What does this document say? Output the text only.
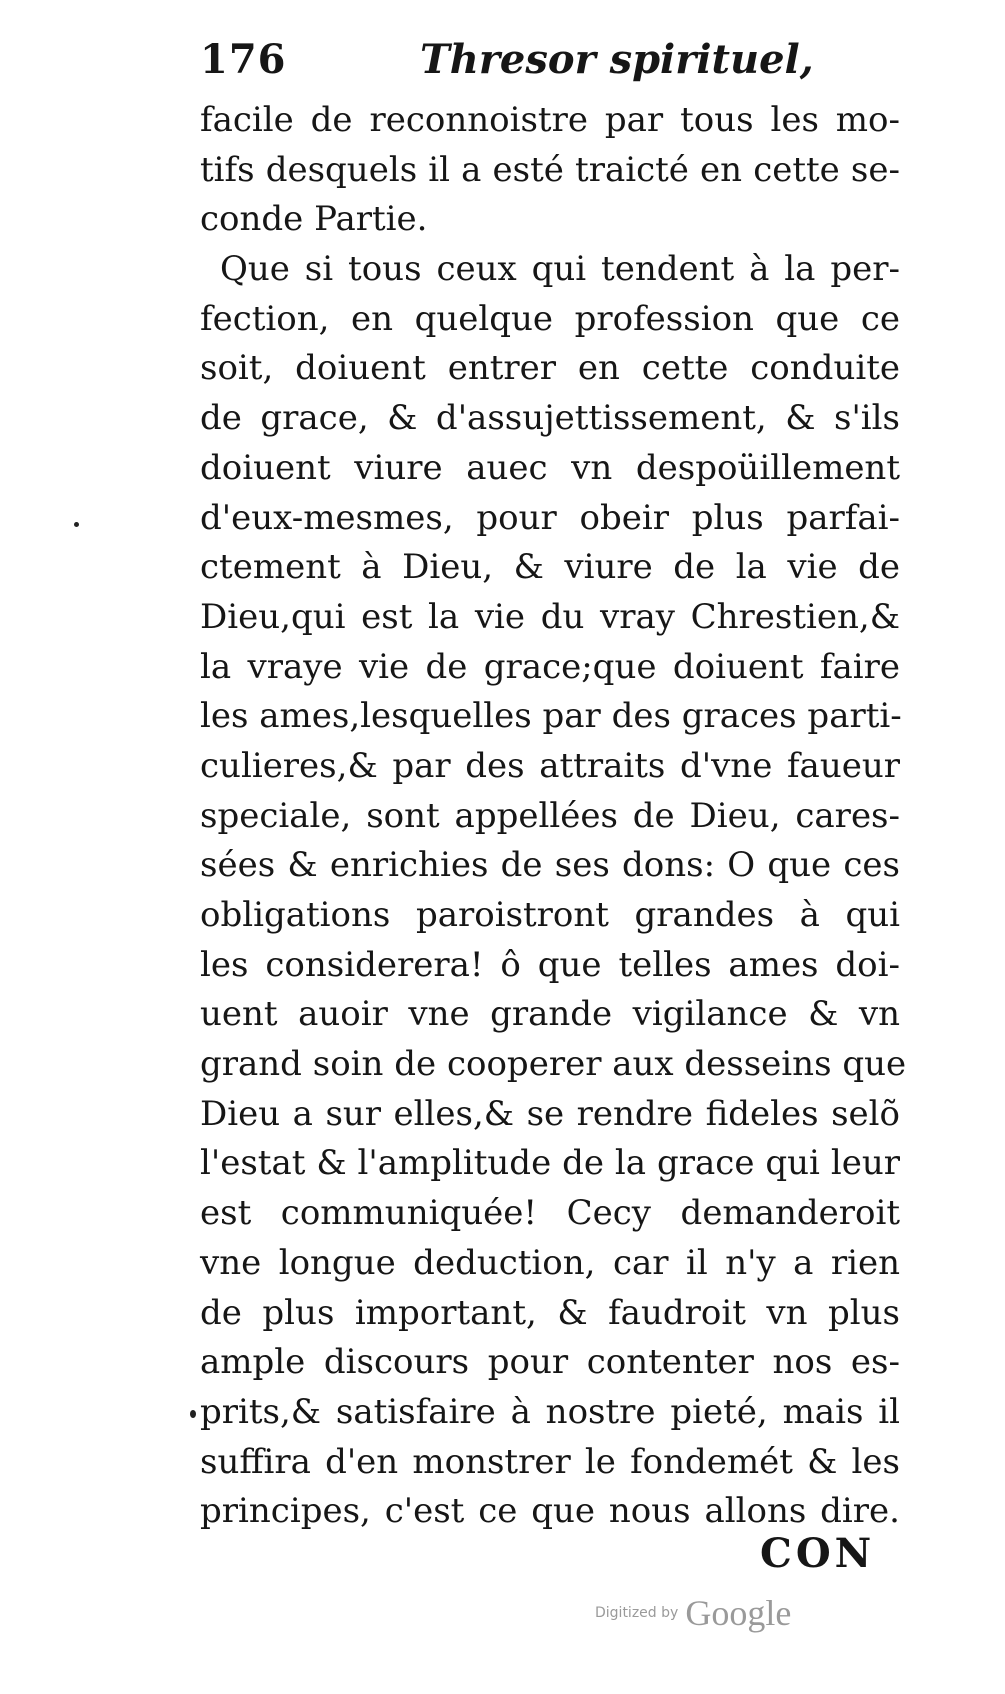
176	Thresor spirituel,
facile de reconnoistre par tous les mo-
tifs desquels il a esté traicté en cette se-
conde Partie.
Que si tous ceux qui tendent à la per-
fection, en quelque profession que ce
soit, doiuent entrer en cette conduite
de grace, & d'assujettissement, & s'ils
doiuent viure auec vn despoüillement
d'eux-mesmes, pour obeir plus parfai-
ctement à Dieu, & viure de la vie de
Dieu,qui est la vie du vray Chrestien,&
la vraye vie de grace;que doiuent faire
les ames,lesquelles par des graces parti-
culieres,& par des attraits d'vne faueur
speciale, sont appellées de Dieu, cares-
sées & enrichies de ses dons: O que ces
obligations paroistront grandes à qui
les considerera! ô que telles ames doi-
uent auoir vne grande vigilance & vn
grand soin de cooperer aux desseins que
Dieu a sur elles,& se rendre fideles selõ
l'estat & l'amplitude de la grace qui leur
est communiquée! Cecy demanderoit
vne longue deduction, car il n'y a rien
de plus important, & faudroit vn plus
ample discours pour contenter nos es-
prits,& satisfaire à nostre pieté, mais il
suffira d'en monstrer le fondemét & les
principes, c'est ce que nous allons dire.
CON
Digitized by Google
